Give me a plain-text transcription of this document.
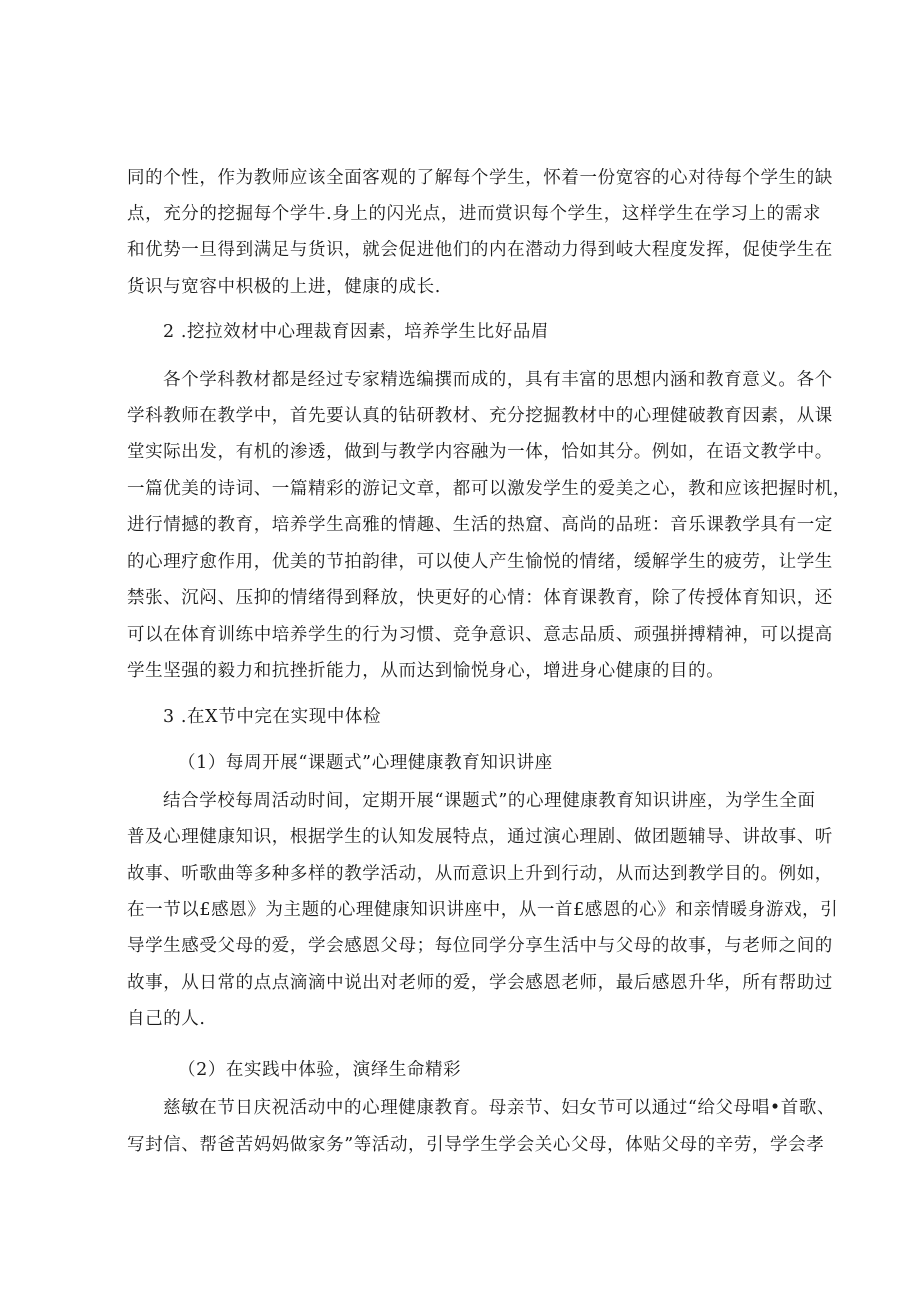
同的个性，作为教师应该全面客观的了解每个学生，怀着一份宽容的心对待每个学生的缺
点，充分的挖掘每个学牛.身上的闪光点，进而赏识每个学生，这样学生在学习上的需求
和优势一旦得到满足与货识，就会促进他们的内在潜动力得到岐大程度发挥，促使学生在
货识与宽容中枳极的上进，健康的成长.
2 .挖拉效材中心理裁育因素，培养学生比好品眉
各个学科教材都是经过专家精选编撰而成的，具有丰富的思想内涵和教育意义。各个
学科教师在教学中，首先要认真的钻研教材、充分挖掘教材中的心理健破教育因素，从课
堂实际出发，有机的渗透，做到与教学内容融为一体，恰如其分。例如，在语文教学中。
一篇优美的诗词、一篇精彩的游记文章，都可以激发学生的爱美之心，教和应该把握时机，
进行情撼的教育，培养学生高雅的情趣、生活的热窟、高尚的品班：音乐课教学具有一定
的心理疗愈作用，优美的节拍韵律，可以使人产生愉悦的情绪，缓解学生的疲劳，让学生
禁张、沉闷、压抑的情绪得到释放，快更好的心情：体育课教育，除了传授体育知识，还
可以在体育训练中培养学生的行为习惯、竞争意识、意志品质、顽强拼搏精神，可以提高
学生坚强的毅力和抗挫折能力，从而达到愉悦身心，增进身心健康的目的。
3 .在X节中完在实现中体检
（1）每周开展“课题式”心理健康教育知识讲座
结合学校每周活动时间，定期开展“课题式”的心理健康教育知识讲座，为学生全面
普及心理健康知识，根据学生的认知发展特点，通过演心理剧、做团题辅导、讲故事、听
故事、听歌曲等多种多样的教学活动，从而意识上升到行动，从而达到教学目的。例如，
在一节以£感恩》为主题的心理健康知识讲座中，从一首£感恩的心》和亲情暖身游戏，引
导学生感受父母的爱，学会感恩父母；每位同学分享生活中与父母的故事，与老师之间的
故事，从日常的点点滴滴中说出对老师的爱，学会感恩老师，最后感恩升华，所有帮助过
自己的人.
（2）在实践中体验，演绎生命精彩
慈敏在节日庆祝活动中的心理健康教育。母亲节、妇女节可以通过“给父母唱•首歌、
写封信、帮爸苦妈妈做家务”等活动，引导学生学会关心父母，体贴父母的辛劳，学会孝
